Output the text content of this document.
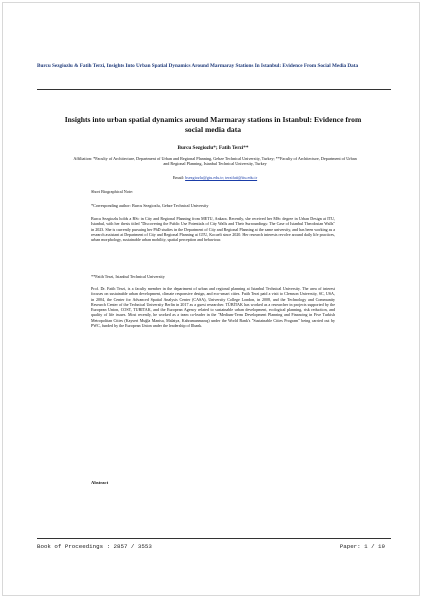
Burcu Sezgiozlu & Fatih Terzi, Insights Into Urban Spatial Dynamics Around Marmaray Stations In Istanbul: Evidence From Social Media Data
Insights into urban spatial dynamics around Marmaray stations in Istanbul: Evidence from social media data
Burcu Sezgiozlu*; Fatih Terzi**
Affiliation: *Faculty of Architecture, Department of Urban and Regional Planning, Gebze Technical University, Turkey; **Faculty of Architecture, Department of Urban and Regional Planning, Istanbul Technical University, Turkey
Email: bsezgiozlu@gtu.edu.tr; terzifati@itu.edu.tr
Short Biographical Note:
*Corresponding author: Burcu Sezgiozlu, Gebze Technical University
Burcu Sezgiozlu holds a BSc in City and Regional Planning from METU, Ankara. Recently, she received her MSc degree in Urban Design at ITU, Istanbul, with her thesis titled "Discovering the Public Use Potentials of City Walls and Their Surroundings: The Case of Istanbul Theodosian Walls" in 2023. She is currently pursuing her PhD studies in the Department of City and Regional Planning at the same university, and has been working as a research assistant at Department of City and Regional Planning at GTU, Kocaeli since 2020. Her research interests revolve around daily life practices, urban morphology, sustainable urban mobility, spatial perception and behaviour.
**Fatih Terzi, Istanbul Technical University
Prof. Dr. Fatih Terzi, is a faculty member in the department of urban and regional planning at Istanbul Technical University. The area of interest focuses on sustainable urban development, climate responsive design, and eco-smart cities. Fatih Terzi paid a visit to Clemson University, SC, USA, in 2004, the Center for Advanced Spatial Analysis Center (CASA), University College London, in 2008, and the Technology and Community Research Center of the Technical University Berlin in 2017 as a guest researcher. TÜBİTAK has worked as a researcher in projects supported by the European Union, COST, TUBITAK, and the European Agency related to sustainable urban development, ecological planning, risk reduction, and quality of life issues. Most recently, he worked as a team co-leader in the "Medium-Term Development Planning and Financing in Five Turkish Metropolitan Cities (Kayseri Muğla Manisa, Malatya, Kahramanmaraş) under the World Bank's "Sustainable Cities Program" being carried out by PWC, funded by the European Union under the leadership of Ilbank.
Abstract
Book of Proceedings : 2857 / 3553	Paper: 1 / 19
